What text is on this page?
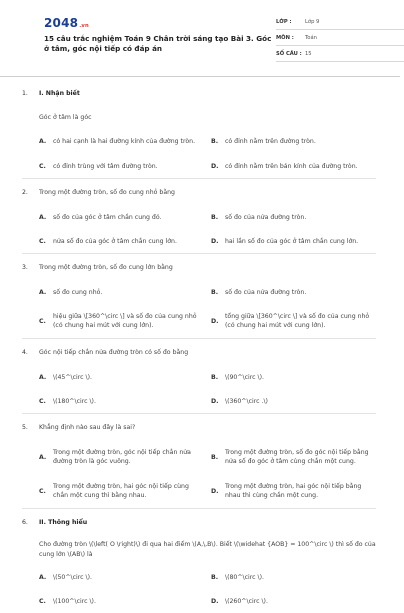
2048.vn
15 câu trắc nghiệm Toán 9 Chân trời sáng tạo Bài 3. Góc ở tâm, góc nội tiếp có đáp án
LỚP :	Lớp 9
MÔN :	Toán
SỐ CÂU : 15
1.	I. Nhận biết
Góc ở tâm là góc
A.	có hai cạnh là hai đường kính của đường tròn.	B.	có đỉnh nằm trên đường tròn.
C.	có đỉnh trùng với tâm đường tròn.	D.	có đỉnh nằm trên bán kính của đường tròn.
2.	Trong một đường tròn, số đo cung nhỏ bằng
A.	số đo của góc ở tâm chắn cung đó.	B.	số đo của nửa đường tròn.
C.	nửa số đo của góc ở tâm chắn cung lớn.	D.	hai lần số đo của góc ở tâm chắn cung lớn.
3.	Trong một đường tròn, số đo cung lớn bằng
A.	số đo cung nhỏ.	B.	số đo của nửa đường tròn.
C.
hiệu giữa \[360^\circ \] và số đo của cung nhỏ (có chung hai mút với cung lớn).
D.
tổng giữa \[360^\circ \] và số đo của cung nhỏ (có chung hai mút với cung lớn).
4.	Góc nội tiếp chắn nửa đường tròn có số đo bằng
A.	\(45^\circ \).	B.	\(90^\circ \).
C.	\(180^\circ \).	D.	\(360^\circ .\)
5.	Khẳng định nào sau đây là sai?
A.
Trong một đường tròn, góc nội tiếp chắn nửa đường tròn là góc vuông.
B.
Trong một đường tròn, số đo góc nội tiếp bằng nửa số đo góc ở tâm cùng chắn một cung.
C.
Trong một đường tròn, hai góc nội tiếp cùng chắn một cung thì bằng nhau.
D.
Trong một đường tròn, hai góc nội tiếp bằng nhau thì cùng chắn một cung.
6.	II. Thông hiểu
Cho đường tròn \(\left( O \right)\) đi qua hai điểm \(A,\,B\). Biết \(\widehat {AOB} = 100^\circ \) thì số đo của cung lớn \(AB\) là
A.	\(50^\circ \).	B.	\(80^\circ \).
C.	\(100^\circ \).	D.	\(260^\circ \).
